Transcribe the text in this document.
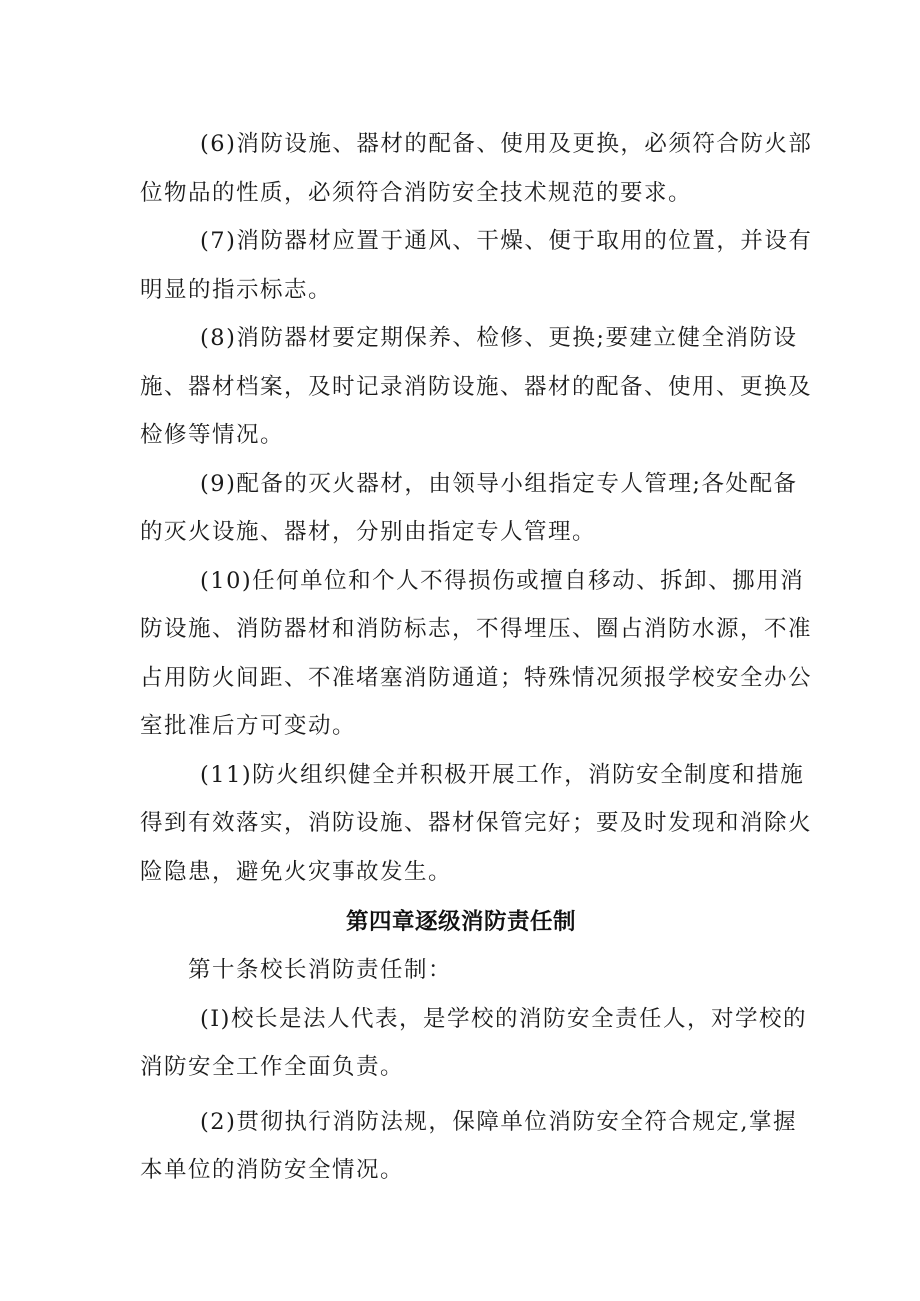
(6)消防设施、器材的配备、使用及更换，必须符合防火部
位物品的性质，必须符合消防安全技术规范的要求。
(7)消防器材应置于通风、干燥、便于取用的位置，并设有
明显的指示标志。
(8)消防器材要定期保养、检修、更换;要建立健全消防设
施、器材档案，及时记录消防设施、器材的配备、使用、更换及
检修等情况。
(9)配备的灭火器材，由领导小组指定专人管理;各处配备
的灭火设施、器材，分别由指定专人管理。
(10)任何单位和个人不得损伤或擅自移动、拆卸、挪用消
防设施、消防器材和消防标志，不得埋压、圈占消防水源，不准
占用防火间距、不准堵塞消防通道；特殊情况须报学校安全办公
室批准后方可变动。
(11)防火组织健全并积极开展工作，消防安全制度和措施
得到有效落实，消防设施、器材保管完好；要及时发现和消除火
险隐患，避免火灾事故发生。
第四章逐级消防责任制
第十条校长消防责任制：
(I)校长是法人代表，是学校的消防安全责任人，对学校的
消防安全工作全面负责。
(2)贯彻执行消防法规，保障单位消防安全符合规定,掌握
本单位的消防安全情况。
